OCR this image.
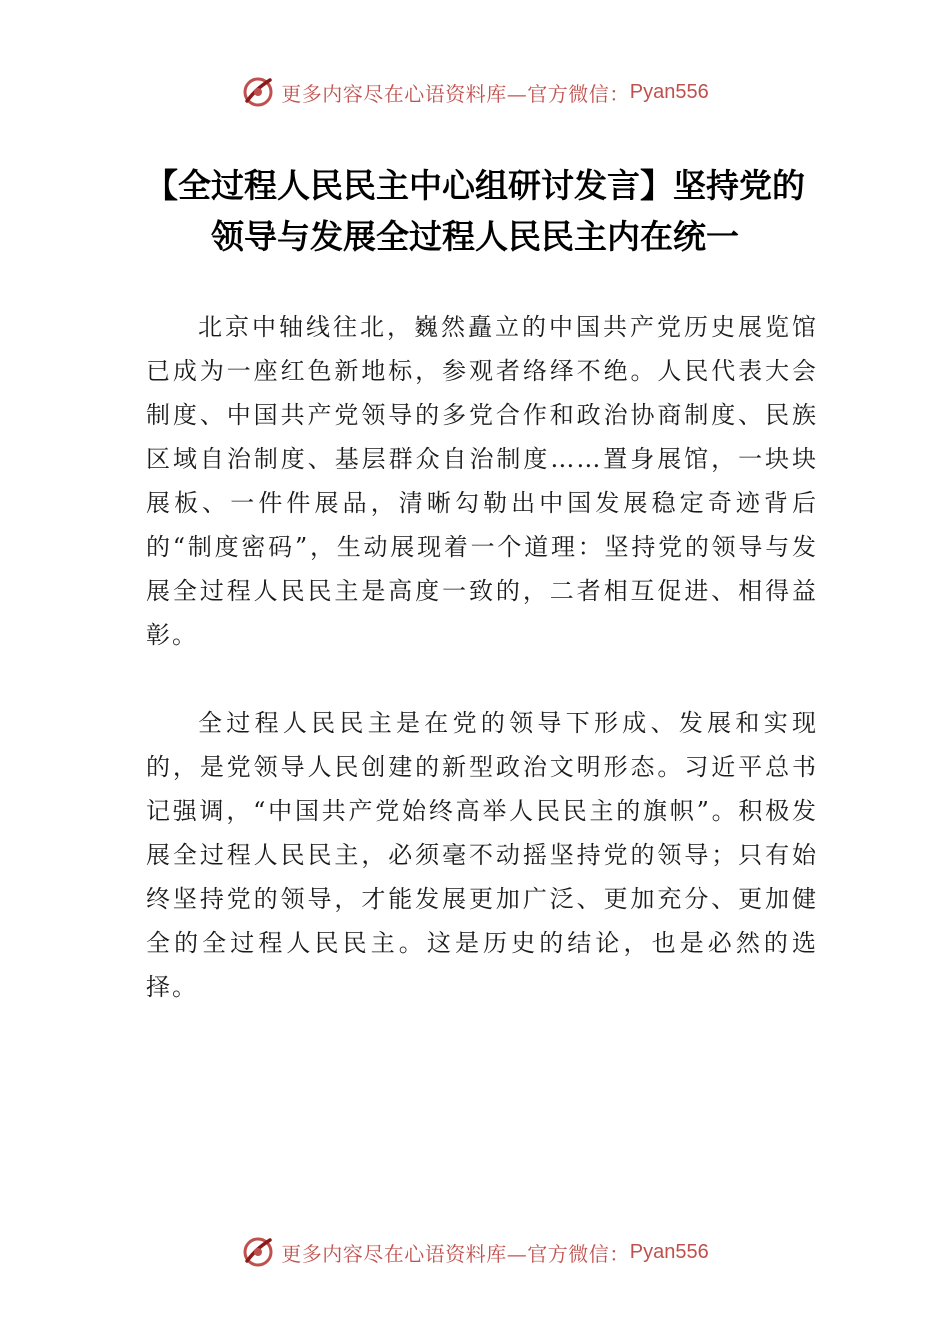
更多内容尽在心语资料库—官方微信： Pyan556
【全过程人民民主中心组研讨发言】坚持党的领导与发展全过程人民民主内在统一

北京中轴线往北，巍然矗立的中国共产党历史展览馆已成为一座红色新地标，参观者络绎不绝。人民代表大会制度、中国共产党领导的多党合作和政治协商制度、民族区域自治制度、基层群众自治制度……置身展馆，一块块展板、一件件展品，清晰勾勒出中国发展稳定奇迹背后的“制度密码”，生动展现着一个道理：坚持党的领导与发展全过程人民民主是高度一致的，二者相互促进、相得益彰。

全过程人民民主是在党的领导下形成、发展和实现的，是党领导人民创建的新型政治文明形态。习近平总书记强调，“中国共产党始终高举人民民主的旗帜”。积极发展全过程人民民主，必须毫不动摇坚持党的领导；只有始终坚持党的领导，才能发展更加广泛、更加充分、更加健全的全过程人民民主。这是历史的结论，也是必然的选择。

更多内容尽在心语资料库—官方微信： Pyan556
